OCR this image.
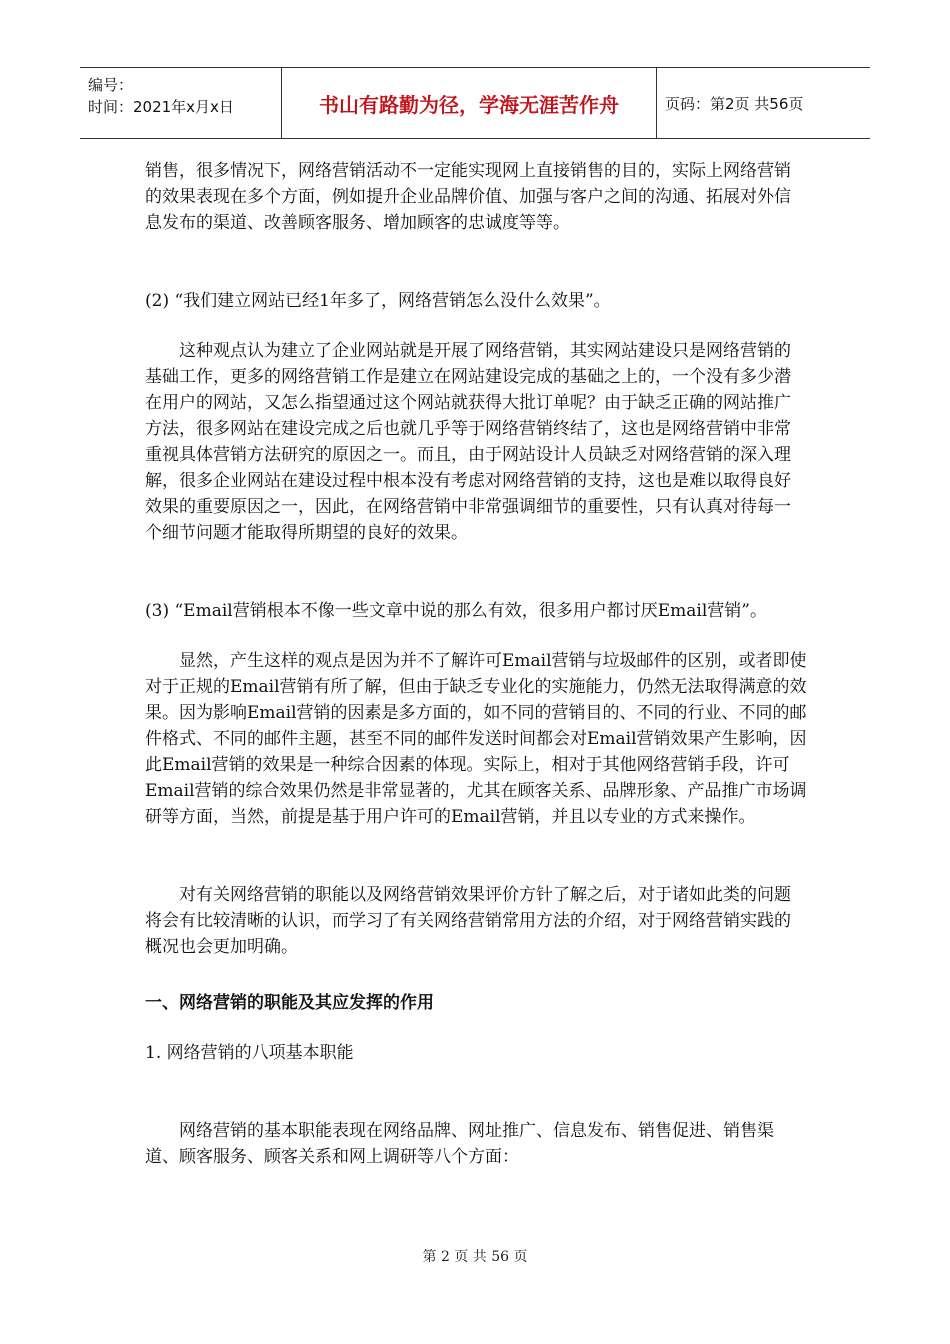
编号：
时间：2021年x月x日	书山有路勤为径，学海无涯苦作舟	页码：第2页 共56页

销售，很多情况下，网络营销活动不一定能实现网上直接销售的目的，实际上网络营销的效果表现在多个方面，例如提升企业品牌价值、加强与客户之间的沟通、拓展对外信息发布的渠道、改善顾客服务、增加顾客的忠诚度等等。

(2) “我们建立网站已经1年多了，网络营销怎么没什么效果”。

这种观点认为建立了企业网站就是开展了网络营销，其实网站建设只是网络营销的基础工作，更多的网络营销工作是建立在网站建设完成的基础之上的，一个没有多少潜在用户的网站，又怎么指望通过这个网站就获得大批订单呢？由于缺乏正确的网站推广方法，很多网站在建设完成之后也就几乎等于网络营销终结了，这也是网络营销中非常重视具体营销方法研究的原因之一。而且，由于网站设计人员缺乏对网络营销的深入理解，很多企业网站在建设过程中根本没有考虑对网络营销的支持，这也是难以取得良好效果的重要原因之一，因此，在网络营销中非常强调细节的重要性，只有认真对待每一个细节问题才能取得所期望的良好的效果。

(3) “Email营销根本不像一些文章中说的那么有效，很多用户都讨厌Email营销”。

显然，产生这样的观点是因为并不了解许可Email营销与垃圾邮件的区别，或者即使对于正规的Email营销有所了解，但由于缺乏专业化的实施能力，仍然无法取得满意的效果。因为影响Email营销的因素是多方面的，如不同的营销目的、不同的行业、不同的邮件格式、不同的邮件主题，甚至不同的邮件发送时间都会对Email营销效果产生影响，因此Email营销的效果是一种综合因素的体现。实际上，相对于其他网络营销手段，许可Email营销的综合效果仍然是非常显著的，尤其在顾客关系、品牌形象、产品推广市场调研等方面，当然，前提是基于用户许可的Email营销，并且以专业的方式来操作。

对有关网络营销的职能以及网络营销效果评价方针了解之后，对于诸如此类的问题将会有比较清晰的认识，而学习了有关网络营销常用方法的介绍，对于网络营销实践的概况也会更加明确。

一、网络营销的职能及其应发挥的作用

1. 网络营销的八项基本职能

网络营销的基本职能表现在网络品牌、网址推广、信息发布、销售促进、销售渠道、顾客服务、顾客关系和网上调研等八个方面：

第 2 页 共 56 页
